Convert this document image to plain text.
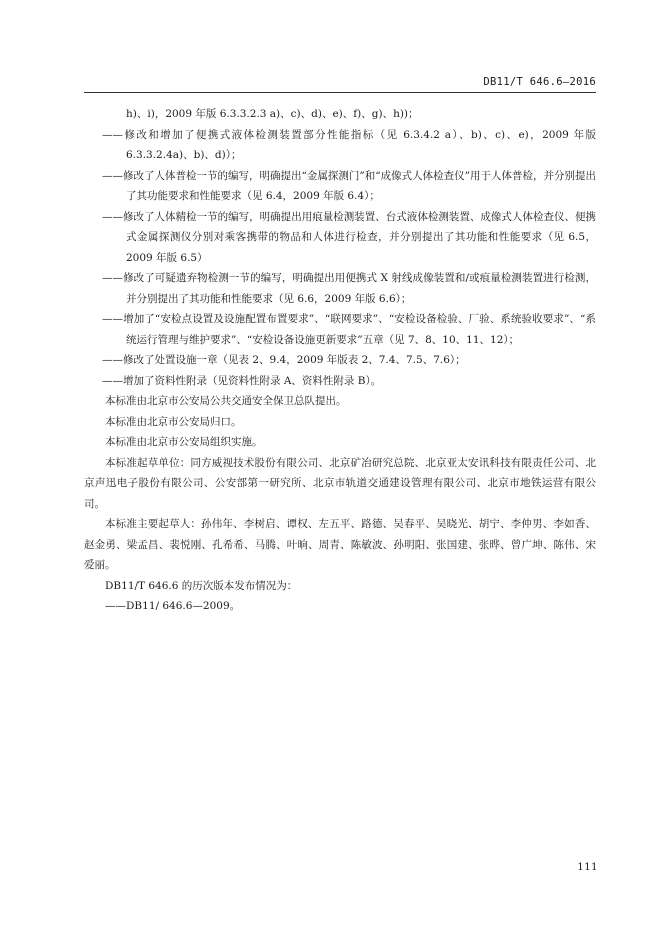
DB11/T 646.6—2016

h)、i)，2009 年版 6.3.3.2.3 a)、c)、d)、e)、f)、g)、h))；

——修改和增加了便携式液体检测装置部分性能指标（见 6.3.4.2 a）、b)、c)、e)，2009 年版 6.3.3.2.4a)、b)、d)）；

——修改了人体普检一节的编写，明确提出“金属探测门”和“成像式人体检查仪”用于人体普检，并分别提出了其功能要求和性能要求（见 6.4，2009 年版 6.4）；

——修改了人体精检一节的编写，明确提出用痕量检测装置、台式液体检测装置、成像式人体检查仪、便携式金属探测仪分别对乘客携带的物品和人体进行检查，并分别提出了其功能和性能要求（见 6.5，2009 年版 6.5）

——修改了可疑遗弃物检测一节的编写，明确提出用便携式 X 射线成像装置和/或痕量检测装置进行检测，并分别提出了其功能和性能要求（见 6.6，2009 年版 6.6）；

——增加了“安检点设置及设施配置布置要求”、“联网要求”、“安检设备检验、厂验、系统验收要求”、“系统运行管理与维护要求”、“安检设备设施更新要求”五章（见 7、8、10、11、12）；

——修改了处置设施一章（见表 2、9.4，2009 年版表 2、7.4、7.5、7.6）；

——增加了资料性附录（见资料性附录 A、资料性附录 B）。

本标准由北京市公安局公共交通安全保卫总队提出。

本标准由北京市公安局归口。

本标准由北京市公安局组织实施。

本标准起草单位：同方威视技术股份有限公司、北京矿冶研究总院、北京亚太安讯科技有限责任公司、北京声迅电子股份有限公司、公安部第一研究所、北京市轨道交通建设管理有限公司、北京市地铁运营有限公司。

本标准主要起草人：孙伟年、李树启、谭权、左五平、路德、吴春平、吴晓光、胡宁、李仲男、李如香、赵金勇、梁孟昌、裴悦刚、孔希希、马腾、叶晌、周青、陈敏波、孙明阳、张国建、张晔、曾广坤、陈伟、宋爱丽。

DB11/T 646.6 的历次版本发布情况为：

——DB11/ 646.6—2009。

111
